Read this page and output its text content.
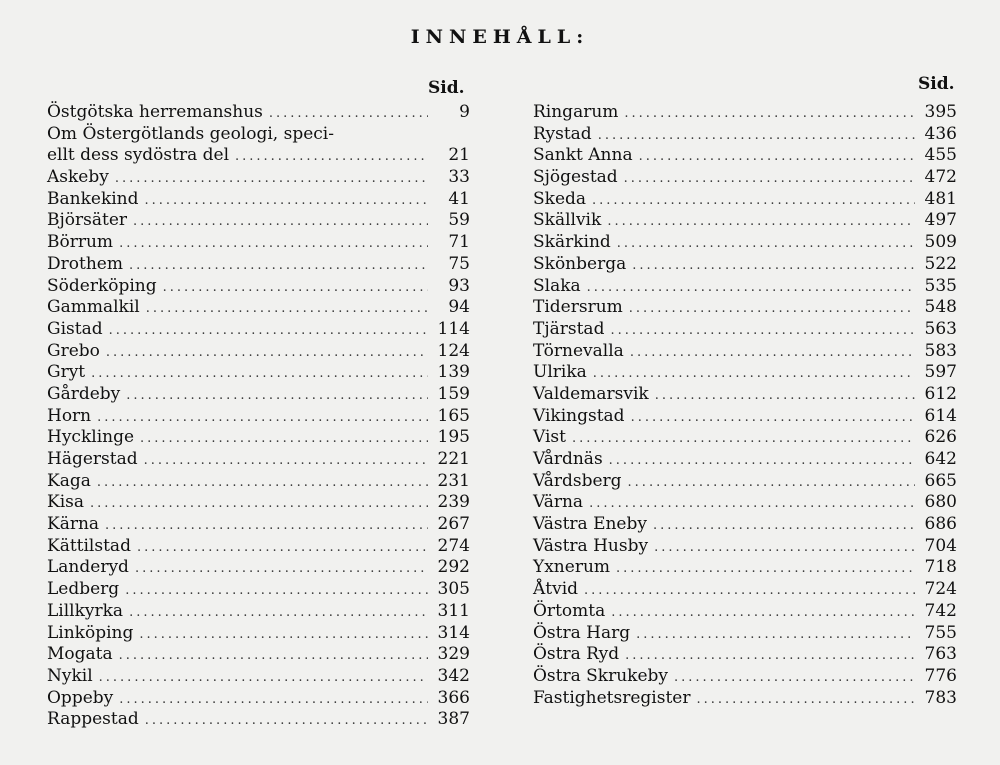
INNEHÅLL:
Sid.	Sid.
Östgötska herremanshus .....	9
Om Östergötlands geologi, speci-
ellt dess sydöstra del .....	21
Askeby .....	33
Bankekind .....	41
Björsäter .....	59
Börrum .....	71
Drothem .....	75
Söderköping .....	93
Gammalkil .....	94
Gistad .....	114
Grebo .....	124
Gryt .....	139
Gårdeby .....	159
Horn .....	165
Hycklinge .....	195
Hägerstad .....	221
Kaga .....	231
Kisa .....	239
Kärna .....	267
Kättilstad .....	274
Landeryd .....	292
Ledberg .....	305
Lillkyrka .....	311
Linköping .....	314
Mogata .....	329
Nykil .....	342
Oppeby .....	366
Rappestad .....	387
Ringarum .....	395
Rystad .....	436
Sankt Anna .....	455
Sjögestad .....	472
Skeda .....	481
Skällvik .....	497
Skärkind .....	509
Skönberga .....	522
Slaka .....	535
Tidersrum .....	548
Tjärstad .....	563
Törnevalla .....	583
Ulrika .....	597
Valdemarsvik .....	612
Vikingstad .....	614
Vist .....	626
Vårdnäs .....	642
Vårdsberg .....	665
Värna .....	680
Västra Eneby .....	686
Västra Husby .....	704
Yxnerum .....	718
Åtvid .....	724
Örtomta .....	742
Östra Harg .....	755
Östra Ryd .....	763
Östra Skrukeby .....	776
Fastighetsregister .....	783
